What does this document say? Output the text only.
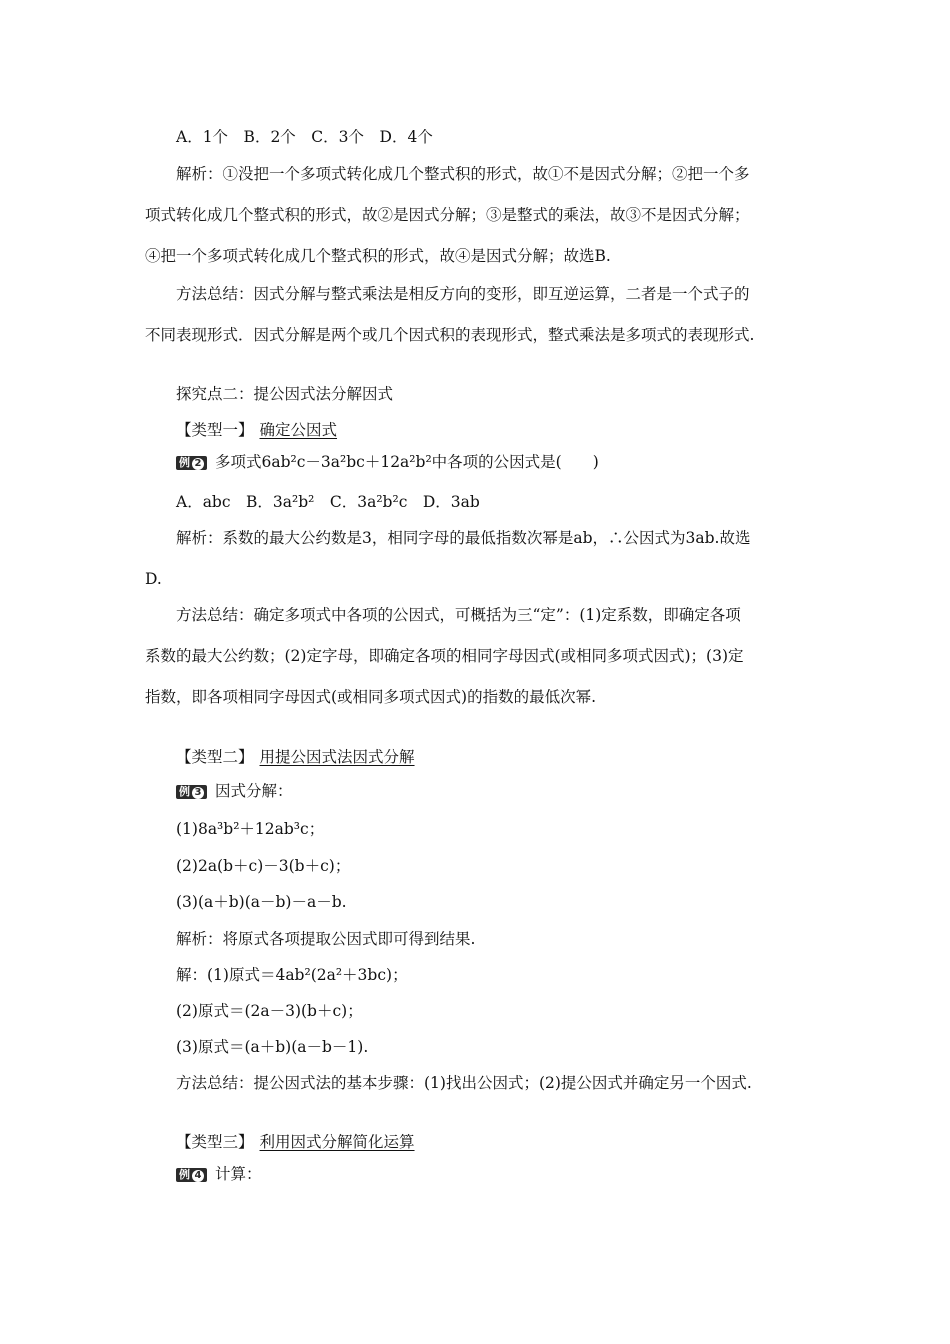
A．1个　B．2个　C．3个　D．4个
解析：①没把一个多项式转化成几个整式积的形式，故①不是因式分解；②把一个多
项式转化成几个整式积的形式，故②是因式分解；③是整式的乘法，故③不是因式分解；
④把一个多项式转化成几个整式积的形式，故④是因式分解；故选B.
方法总结：因式分解与整式乘法是相反方向的变形，即互逆运算，二者是一个式子的
不同表现形式．因式分解是两个或几个因式积的表现形式，整式乘法是多项式的表现形式.
探究点二：提公因式法分解因式
【类型一】 确定公因式
例 2 多项式6ab²c－3a²bc＋12a²b²中各项的公因式是(　　)
A．abc　B．3a²b²　C．3a²b²c　D．3ab
解析：系数的最大公约数是3，相同字母的最低指数次幂是ab，∴公因式为3ab.故选
D.
方法总结：确定多项式中各项的公因式，可概括为三“定”：(1)定系数，即确定各项
系数的最大公约数；(2)定字母，即确定各项的相同字母因式(或相同多项式因式)；(3)定
指数，即各项相同字母因式(或相同多项式因式)的指数的最低次幂.
【类型二】 用提公因式法因式分解
例 3 因式分解：
(1)8a³b²＋12ab³c；
(2)2a(b＋c)－3(b＋c)；
(3)(a＋b)(a－b)－a－b.
解析：将原式各项提取公因式即可得到结果.
解：(1)原式＝4ab²(2a²＋3bc)；
(2)原式＝(2a－3)(b＋c)；
(3)原式＝(a＋b)(a－b－1).
方法总结：提公因式法的基本步骤：(1)找出公因式；(2)提公因式并确定另一个因式.
【类型三】 利用因式分解简化运算
例 4 计算：
